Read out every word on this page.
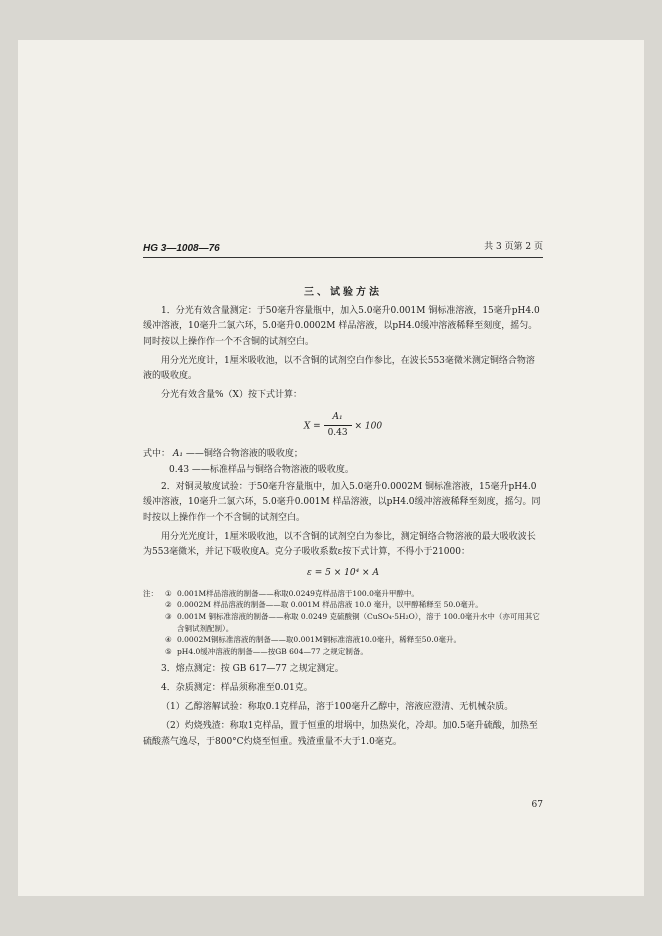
HG 3—1008—76	共 3 页第 2 页
三、试验方法

1．分光有效含量测定：于50毫升容量瓶中，加入5.0毫升0.001M 铜标准溶液，15毫升pH4.0缓冲溶液，10毫升二氯六环，5.0毫升0.0002M 样品溶液，以pH4.0缓冲溶液稀释至刻度，摇匀。同时按以上操作作一个不含铜的试剂空白。

用分光光度计，1厘米吸收池，以不含铜的试剂空白作参比，在波长553毫微米测定铜络合物溶液的吸收度。

分光有效含量%（X）按下式计算：

$X = \frac{\text{A₁}}{0.43} \times 100$
式中： A₁ ——铜络合物溶液的吸收度；
0.43 ——标准样品与铜络合物溶液的吸收度。

2．对铜灵敏度试验：于50毫升容量瓶中，加入5.0毫升0.0002M 铜标准溶液，15毫升pH4.0缓冲溶液，10毫升二氯六环，5.0毫升0.001M 样品溶液，以pH4.0缓冲溶液稀释至刻度，摇匀。同时按以上操作作一个不含铜的试剂空白。

用分光光度计，1厘米吸收池，以不含铜的试剂空白为参比，测定铜络合物溶液的最大吸收波长为553毫微米，并记下吸收度A。克分子吸收系数ε按下式计算，不得小于21000：

ε = 5 × 10⁴ × A
注： ① 0.001M样品溶液的制备——称取0.0249克样品溶于100.0毫升甲醇中。
② 0.0002M 样品溶液的制备——取 0.001M 样品溶液 10.0 毫升，以甲醇稀释至 50.0毫升。
③ 0.001M 铜标准溶液的制备——称取 0.0249 克硫酸铜（CuSO₄·5H₂O），溶于 100.0毫升水中（亦可用其它含铜试剂配制）。
④ 0.0002M铜标准溶液的制备——取0.001M铜标准溶液10.0毫升，稀释至50.0毫升。
⑤ pH4.0缓冲溶液的制备——按GB 604—77 之规定制备。

3．熔点测定：按 GB 617—77 之规定测定。

4．杂质测定：样品须称准至0.01克。

（1）乙醇溶解试验：称取0.1克样品，溶于100毫升乙醇中，溶液应澄清、无机械杂质。

（2）灼烧残渣：称取1克样品，置于恒重的坩埚中，加热炭化，冷却。加0.5毫升硫酸，加热至硫酸蒸气逸尽，于800°C灼烧至恒重。残渣重量不大于1.0毫克。

67
